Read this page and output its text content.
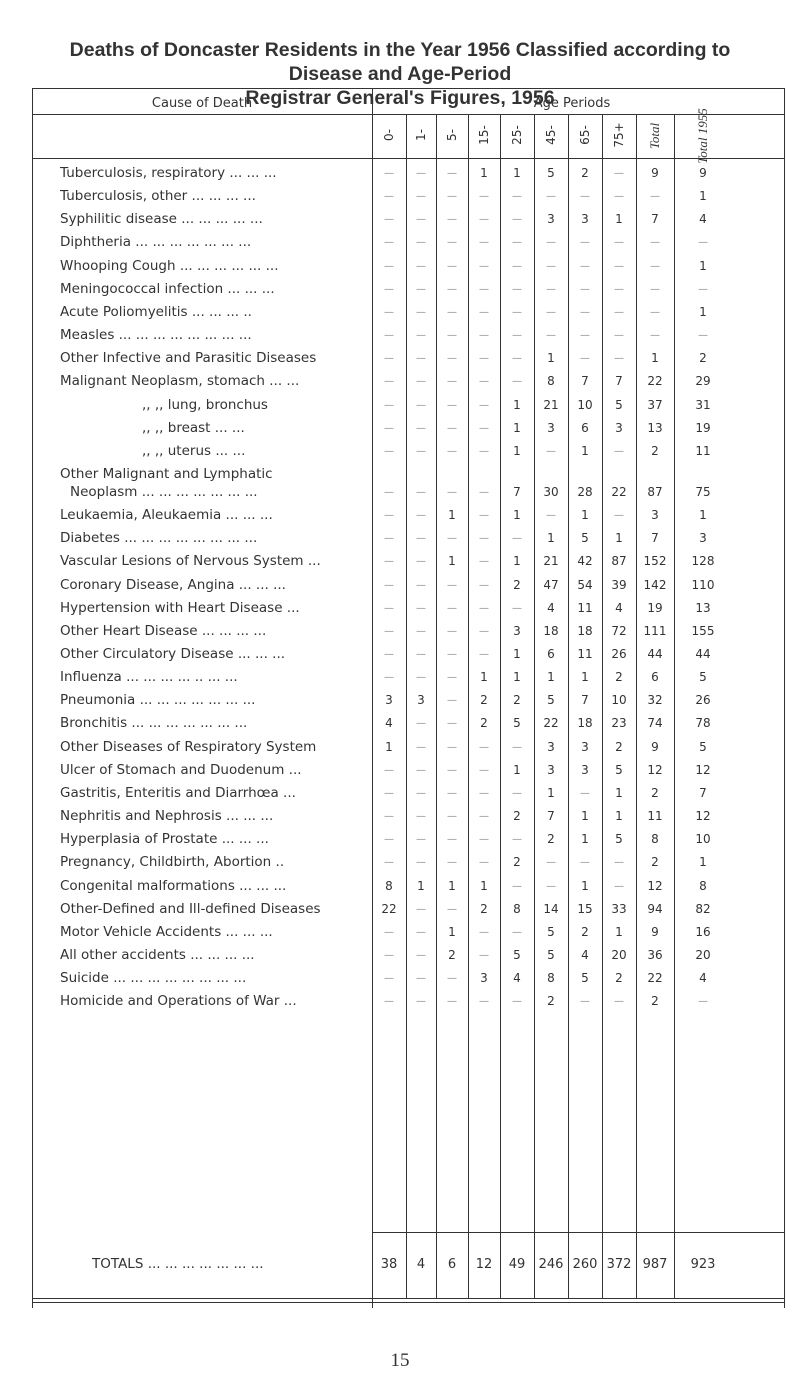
Deaths of Doncaster Residents in the Year 1956 Classified according to
Disease and Age-Period
Registrar General's Figures, 1956
Cause of Death	Age Periods
0- 1- 5- 15- 25- 45- 65- 75+ Total	Total 1955
Tuberculosis, respiratory ... ... ...	—	—	—	1	1	5	2	—	9	9
Tuberculosis, other ... ... ... ...	—	—	—	—	—	—	—	—	—	1
Syphilitic disease ... ... ... ... ...	—	—	—	—	—	3	3	1	7	4
Diphtheria ... ... ... ... ... ... ...	—	—	—	—	—	—	—	—	—	—
Whooping Cough ... ... ... ... ... ...	—	—	—	—	—	—	—	—	—	1
Meningococcal infection ... ... ...	—	—	—	—	—	—	—	—	—	—
Acute Poliomyelitis ... ... ... ..	—	—	—	—	—	—	—	—	—	1
Measles ... ... ... ... ... ... ... ...	—	—	—	—	—	—	—	—	—	—
Other Infective and Parasitic Diseases	—	—	—	—	—	1	—	—	1	2
Malignant Neoplasm, stomach ... ...	—	—	—	—	—	8	7	7	22	29
,, ,, lung, bronchus	—	—	—	—	1	21	10	5	37	31
,, ,, breast ... ...	—	—	—	—	1	3	6	3	13	19
,, ,, uterus ... ...	—	—	—	—	1	—	1	—	2	11
Other Malignant and Lymphatic
Neoplasm ... ... ... ... ... ... ...	—	—	—	—	7	30	28	22	87	75
Leukaemia, Aleukaemia ... ... ...	—	—	1	—	1	—	1	—	3	1
Diabetes ... ... ... ... ... ... ... ...	—	—	—	—	—	1	5	1	7	3
Vascular Lesions of Nervous System ...	—	—	1	—	1	21	42	87	152	128
Coronary Disease, Angina ... ... ...	—	—	—	—	2	47	54	39	142	110
Hypertension with Heart Disease ...	—	—	—	—	—	4	11	4	19	13
Other Heart Disease ... ... ... ...	—	—	—	—	3	18	18	72	111	155
Other Circulatory Disease ... ... ...	—	—	—	—	1	6	11	26	44	44
Influenza ... ... ... ... .. ... ...	—	—	—	1	1	1	1	2	6	5
Pneumonia ... ... ... ... ... ... ...	3	3	—	2	2	5	7	10	32	26
Bronchitis ... ... ... ... ... ... ...	4	—	—	2	5	22	18	23	74	78
Other Diseases of Respiratory System	1	—	—	—	—	3	3	2	9	5
Ulcer of Stomach and Duodenum ...	—	—	—	—	1	3	3	5	12	12
Gastritis, Enteritis and Diarrhœa ...	—	—	—	—	—	1	—	1	2	7
Nephritis and Nephrosis ... ... ...	—	—	—	—	2	7	1	1	11	12
Hyperplasia of Prostate ... ... ...	—	—	—	—	—	2	1	5	8	10
Pregnancy, Childbirth, Abortion ..	—	—	—	—	2	—	—	—	2	1
Congenital malformations ... ... ...	8	1	1	1	—	—	1	—	12	8
Other-Defined and Ill-defined Diseases	22	—	—	2	8	14	15	33	94	82
Motor Vehicle Accidents ... ... ...	—	—	1	—	—	5	2	1	9	16
All other accidents ... ... ... ...	—	—	2	—	5	5	4	20	36	20
Suicide ... ... ... ... ... ... ... ...	—	—	—	3	4	8	5	2	22	4
Homicide and Operations of War ...	—	—	—	—	—	2	—	—	2	—
TOTALS ... ... ... ... ... ... ...	38	4	6	12	49	246 260 372 987	923
15
